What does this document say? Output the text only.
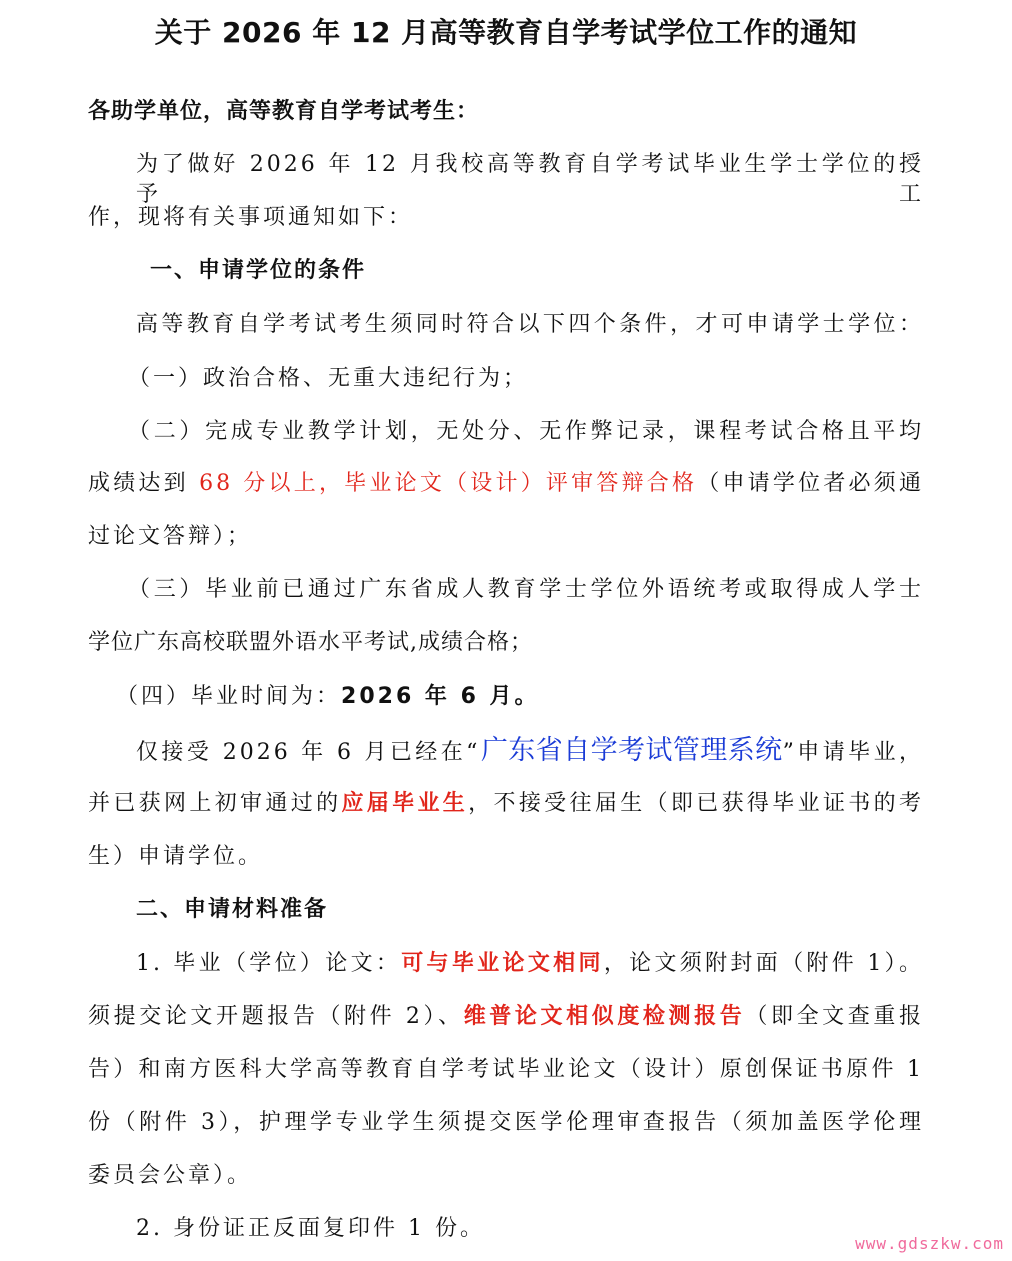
关于 2026 年 12 月高等教育自学考试学位工作的通知
各助学单位，高等教育自学考试考生：
为了做好 2026 年 12 月我校高等教育自学考试毕业生学士学位的授予工
作，现将有关事项通知如下：
一、申请学位的条件
高等教育自学考试考生须同时符合以下四个条件，才可申请学士学位：
（一）政治合格、无重大违纪行为；
（二）完成专业教学计划，无处分、无作弊记录，课程考试合格且平均
成绩达到 68 分以上，毕业论文（设计）评审答辩合格（申请学位者必须通
过论文答辩）；
（三）毕业前已通过广东省成人教育学士学位外语统考或取得成人学士
学位广东高校联盟外语水平考试,成绩合格；
（四）毕业时间为：2026 年 6 月。
仅接受 2026 年 6 月已经在“广东省自学考试管理系统”申请毕业，
并已获网上初审通过的应届毕业生，不接受往届生（即已获得毕业证书的考
生）申请学位。
二、申请材料准备
1. 毕业（学位）论文：可与毕业论文相同，论文须附封面（附件 1）。
须提交论文开题报告（附件 2）、维普论文相似度检测报告（即全文查重报
告）和南方医科大学高等教育自学考试毕业论文（设计）原创保证书原件 1
份（附件 3），护理学专业学生须提交医学伦理审查报告（须加盖医学伦理
委员会公章）。
2. 身份证正反面复印件 1 份。
www.gdszkw.com
